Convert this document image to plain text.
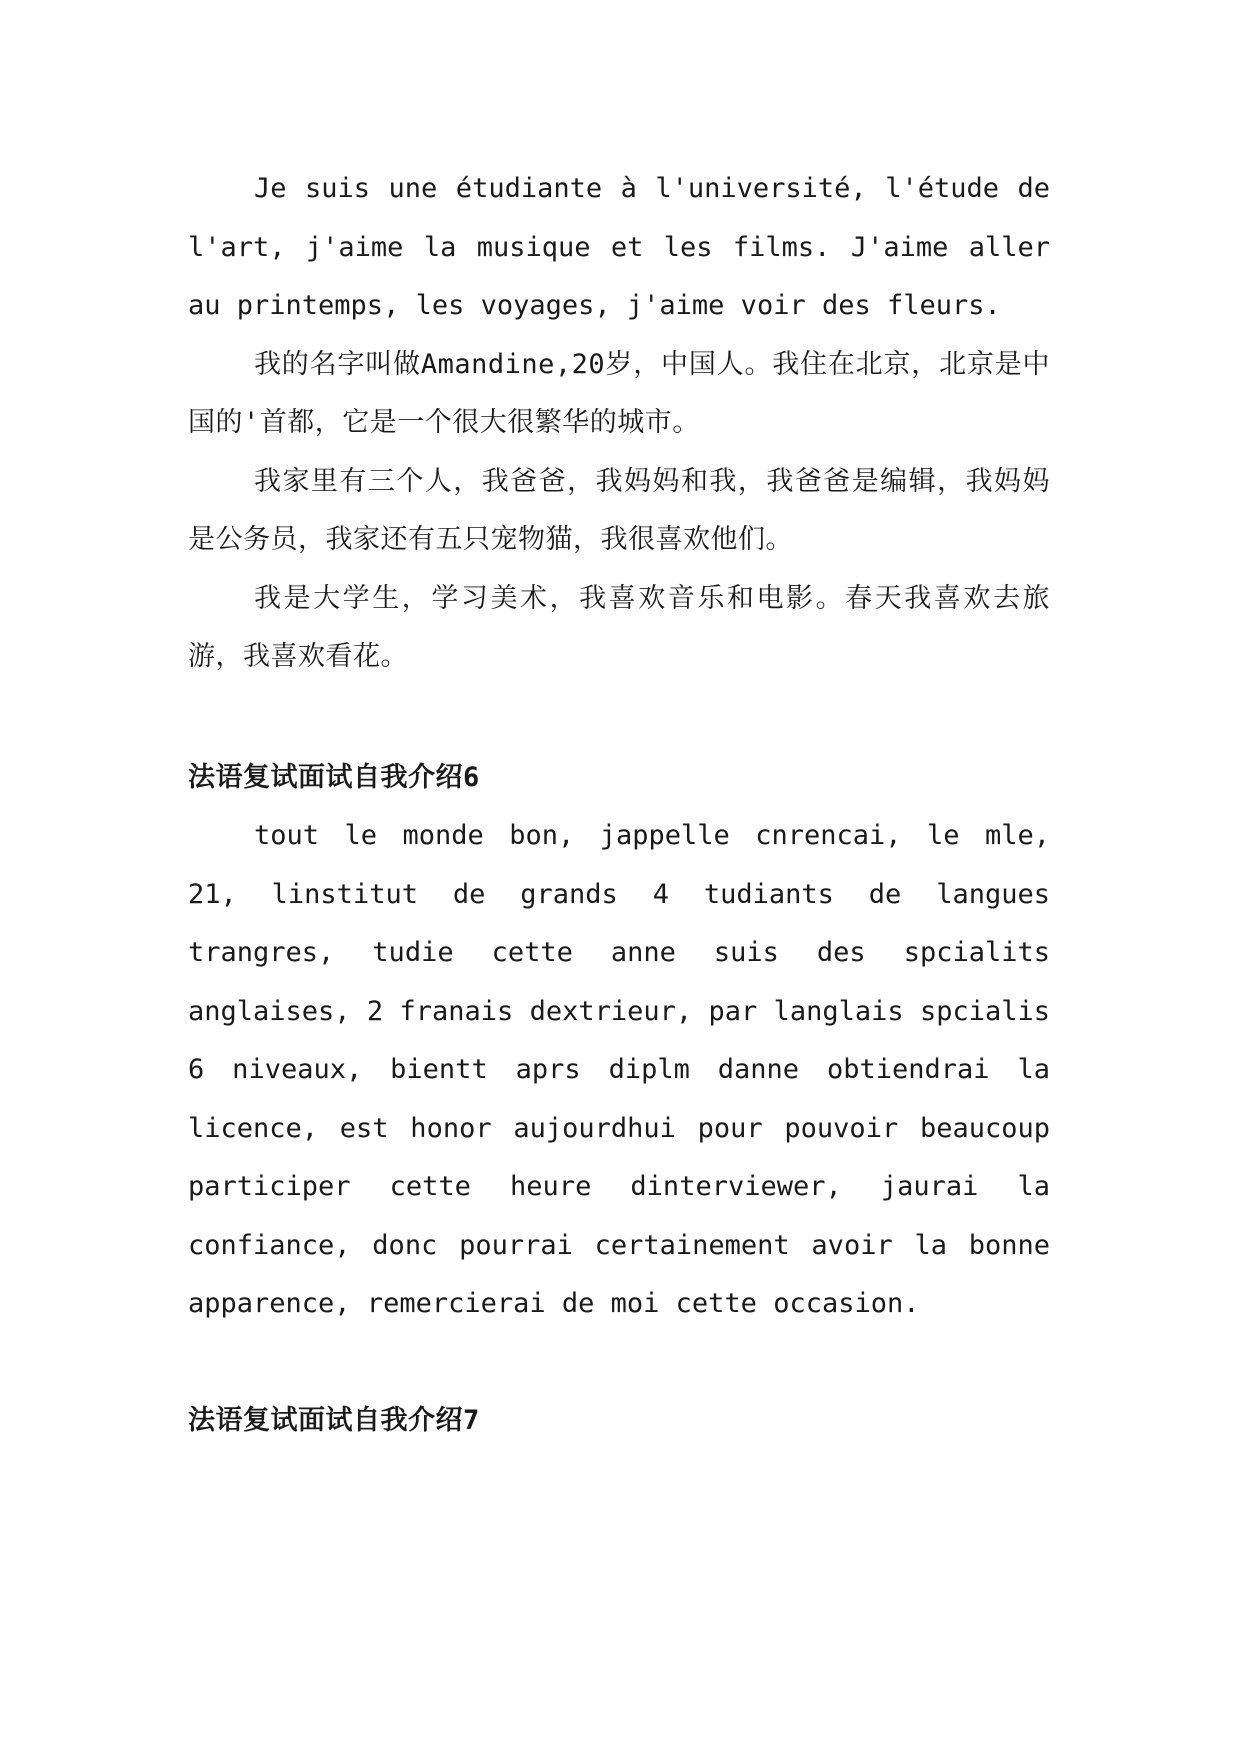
Je suis une étudiante à l'université, l'étude de l'art, j'aime la musique et les films. J'aime aller au printemps, les voyages, j'aime voir des fleurs.

我的名字叫做Amandine,20岁，中国人。我住在北京，北京是中国的'首都，它是一个很大很繁华的城市。

我家里有三个人，我爸爸，我妈妈和我，我爸爸是编辑，我妈妈是公务员，我家还有五只宠物猫，我很喜欢他们。

我是大学生，学习美术，我喜欢音乐和电影。春天我喜欢去旅游，我喜欢看花。

法语复试面试自我介绍6

tout le monde bon, jappelle cnrencai, le mle, 21, linstitut de grands 4 tudiants de langues trangres, tudie cette anne suis des spcialits anglaises, 2 franais dextrieur, par langlais spcialis 6 niveaux, bientt aprs diplm danne obtiendrai la licence, est honor aujourdhui pour pouvoir beaucoup participer cette heure dinterviewer, jaurai la confiance, donc pourrai certainement avoir la bonne apparence, remercierai de moi cette occasion.

法语复试面试自我介绍7
